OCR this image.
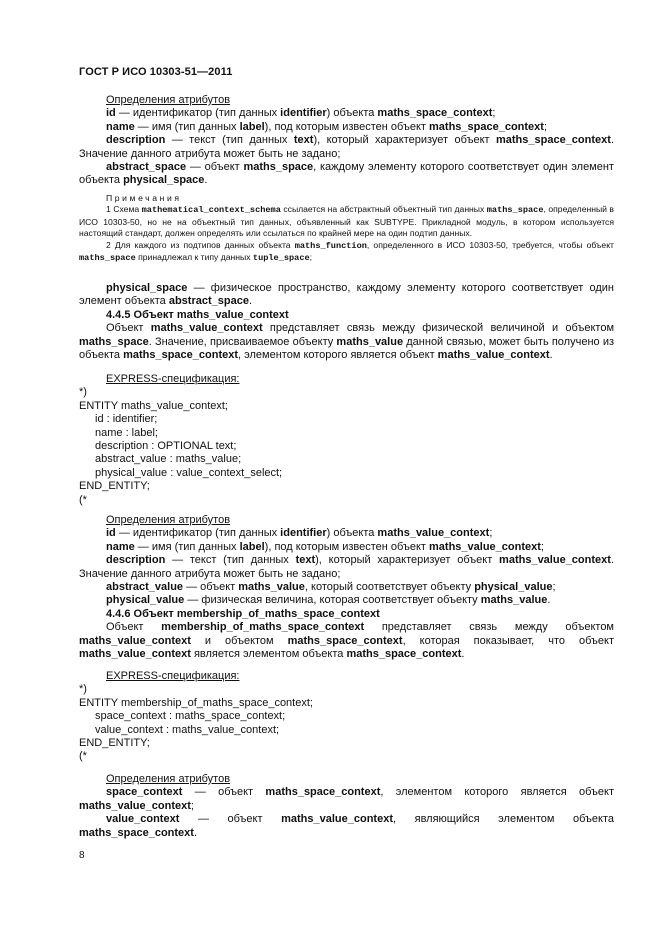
ГОСТ Р ИСО 10303-51—2011

Определения атрибутов

id — идентификатор (тип данных identifier) объекта maths_space_context;

name — имя (тип данных label), под которым известен объект maths_space_context;

description — текст (тип данных text), который характеризует объект maths_space_context. Значение данного атрибута может быть не задано;

abstract_space — объект maths_space, каждому элементу которого соответствует один элемент объекта physical_space.

Примечания

1 Схема mathematical_context_schema ссылается на абстрактный объектный тип данных maths_space, определенный в ИСО 10303-50, но не на объектный тип данных, объявленный как SUBTYPE. Прикладной модуль, в котором используется настоящий стандарт, должен определять или ссылаться по крайней мере на один подтип данных.

2 Для каждого из подтипов данных объекта maths_function, определенного в ИСО 10303-50, требуется, чтобы объект maths_space принадлежал к типу данных tuple_space;

physical_space — физическое пространство, каждому элементу которого соответствует один элемент объекта abstract_space.

4.4.5 Объект maths_value_context

Объект maths_value_context представляет связь между физической величиной и объектом maths_space. Значение, присваиваемое объекту maths_value данной связью, может быть получено из объекта maths_space_context, элементом которого является объект maths_value_context.

EXPRESS-спецификация:

*)

ENTITY maths_value_context;

id : identifier;

name : label;

description : OPTIONAL text;

abstract_value : maths_value;

physical_value : value_context_select;

END_ENTITY;

(*

Определения атрибутов

id — идентификатор (тип данных identifier) объекта maths_value_context;

name — имя (тип данных label), под которым известен объект maths_value_context;

description — текст (тип данных text), который характеризует объект maths_value_context. Значение данного атрибута может быть не задано;

abstract_value — объект maths_value, который соответствует объекту physical_value;

physical_value — физическая величина, которая соответствует объекту maths_value.

4.4.6 Объект membership_of_maths_space_context

Объект membership_of_maths_space_context представляет связь между объектом maths_value_context и объектом maths_space_context, которая показывает, что объект maths_value_context является элементом объекта maths_space_context.

EXPRESS-спецификация:

*)

ENTITY membership_of_maths_space_context;

space_context : maths_space_context;

value_context : maths_value_context;

END_ENTITY;

(*

Определения атрибутов

space_context — объект maths_space_context, элементом которого является объект maths_value_context;

value_context — объект maths_value_context, являющийся элементом объекта maths_space_context.

8
